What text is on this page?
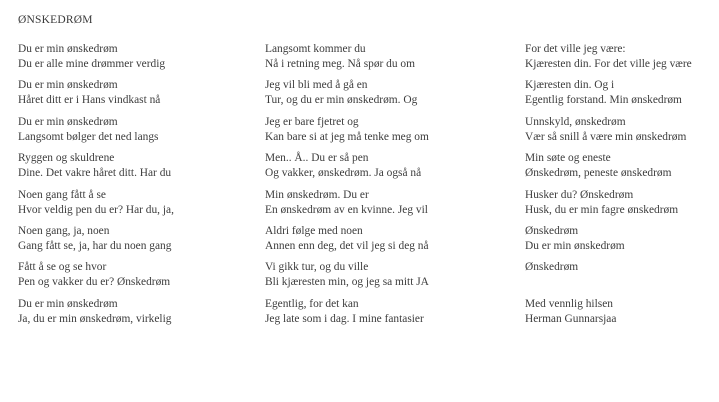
ØNSKEDRØM
Du er min ønskedrøm
Du er alle mine drømmer verdig
Du er min ønskedrøm
Håret ditt er i Hans vindkast nå
Du er min ønskedrøm
Langsomt bølger det ned langs
Ryggen og skuldrene
Dine. Det vakre håret ditt. Har du
Noen gang fått å se
Hvor veldig pen du er? Har du, ja,
Noen gang, ja, noen
Gang fått se, ja, har du noen gang
Fått å se og se hvor
Pen og vakker du er? Ønskedrøm
Du er min ønskedrøm
Ja, du er min ønskedrøm, virkelig
Langsomt kommer du
Nå i retning meg. Nå spør du om
Jeg vil bli med å gå en
Tur, og du er min ønskedrøm. Og
Jeg er bare fjetret og
Kan bare si at jeg må tenke meg om
Men.. Å.. Du er så pen
Og vakker, ønskedrøm. Ja også nå
Min ønskedrøm. Du er
En ønskedrøm av en kvinne. Jeg vil
Aldri følge med noen
Annen enn deg, det vil jeg si deg nå
Vi gikk tur, og du ville
Bli kjæresten min, og jeg sa mitt JA
Egentlig, for det kan
Jeg late som i dag. I mine fantasier
For det ville jeg være:
Kjæresten din. For det ville jeg være
Kjæresten din. Og i
Egentlig forstand. Min ønskedrøm
Unnskyld, ønskedrøm
Vær så snill å være min ønskedrøm
Min søte og eneste
Ønskedrøm, peneste ønskedrøm
Husker du? Ønskedrøm
Husk, du er min fagre ønskedrøm
Ønskedrøm
Du er min ønskedrøm
Ønskedrøm
Med vennlig hilsen
Herman Gunnarsjaa
